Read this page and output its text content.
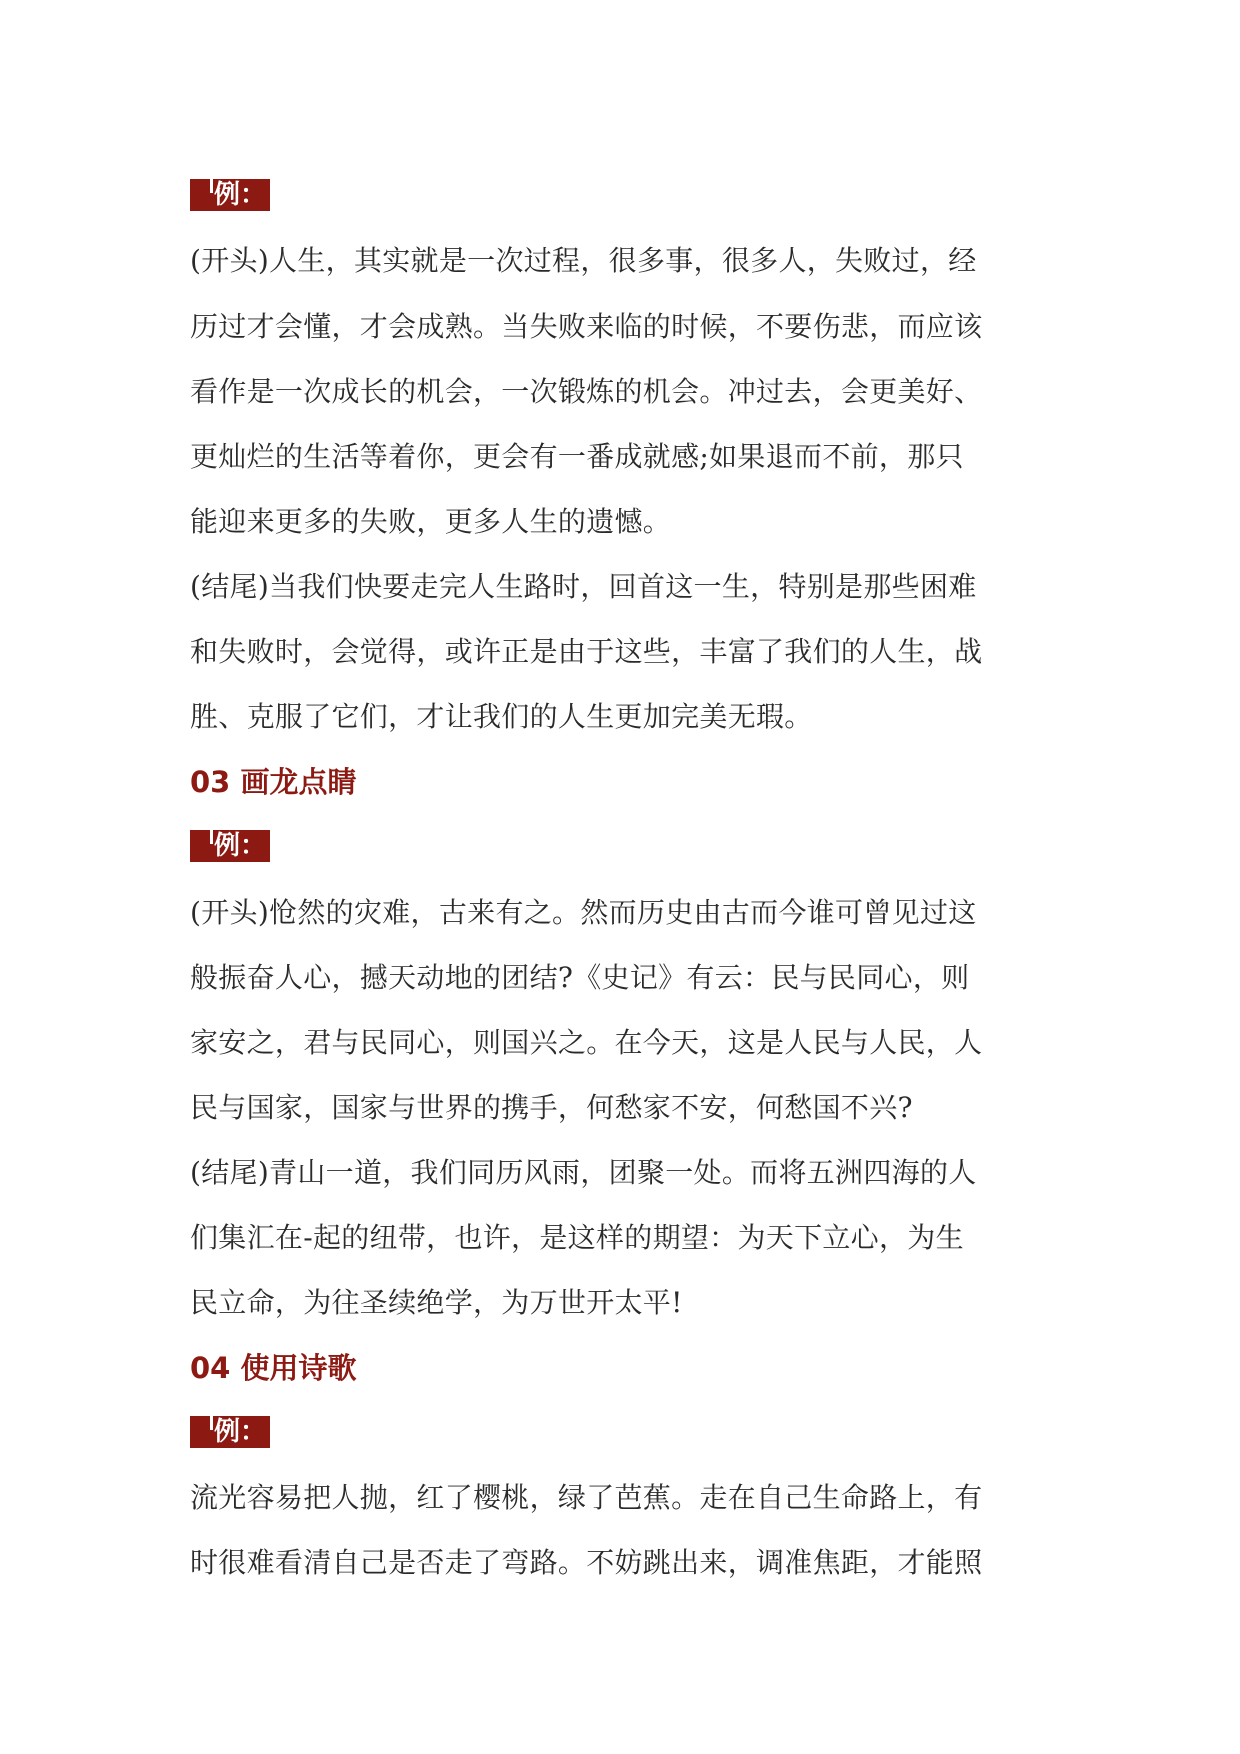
例：
(开头)人生，其实就是一次过程，很多事，很多人，失败过，经
历过才会懂，才会成熟。当失败来临的时候，不要伤悲，而应该
看作是一次成长的机会，一次锻炼的机会。冲过去，会更美好、
更灿烂的生活等着你，更会有一番成就感;如果退而不前，那只
能迎来更多的失败，更多人生的遗憾。
(结尾)当我们快要走完人生路时，回首这一生，特别是那些困难
和失败时，会觉得，或许正是由于这些，丰富了我们的人生，战
胜、克服了它们，才让我们的人生更加完美无瑕。
03 画龙点睛
例：
(开头)怆然的灾难，古来有之。然而历史由古而今谁可曾见过这
般振奋人心，撼天动地的团结?《史记》有云：民与民同心，则
家安之，君与民同心，则国兴之。在今天，这是人民与人民，人
民与国家，国家与世界的携手，何愁家不安，何愁国不兴?
(结尾)青山一道，我们同历风雨，团聚一处。而将五洲四海的人
们集汇在-起的纽带，也许，是这样的期望：为天下立心，为生
民立命，为往圣续绝学，为万世开太平!
04 使用诗歌
例：
流光容易把人抛，红了樱桃，绿了芭蕉。走在自己生命路上，有
时很难看清自己是否走了弯路。不妨跳出来，调准焦距，才能照
